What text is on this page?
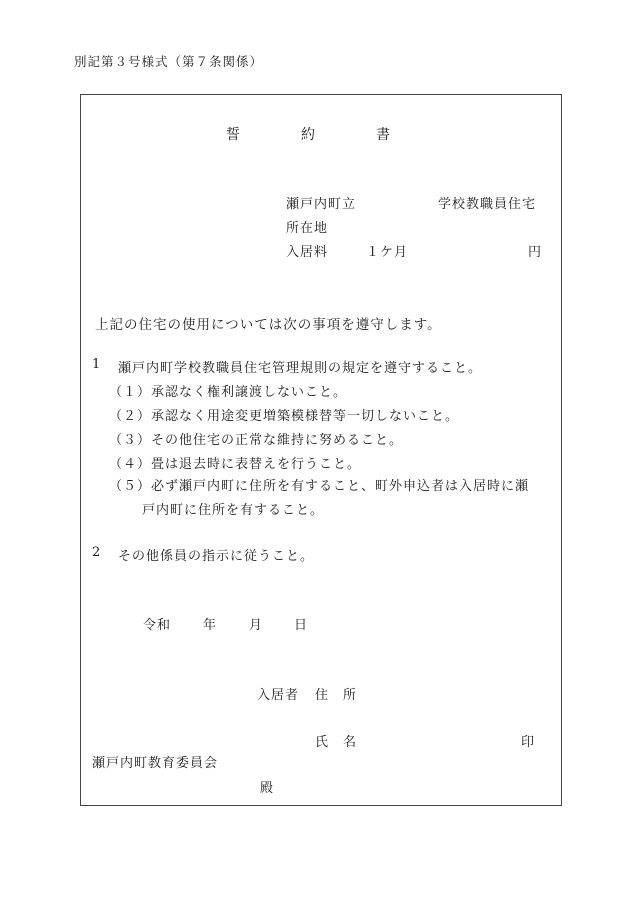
別記第３号様式（第７条関係）
誓	約	書
瀬戸内町立	学校教職員住宅
所在地
入居料	１ケ月	円
上記の住宅の使用については次の事項を遵守します。
1 瀬戸内町学校教職員住宅管理規則の規定を遵守すること。
（１）承認なく権利譲渡しないこと。
（２）承認なく用途変更増築模様替等一切しないこと。
（３）その他住宅の正常な維持に努めること。
（４）畳は退去時に表替えを行うこと。
（５）必ず瀬戸内町に住所を有すること、町外申込者は入居時に瀬
戸内町に住所を有すること。
2 その他係員の指示に従うこと。
令和 年 月 日
入居者 住　所
氏　名	印
瀬戸内町教育委員会
殿
